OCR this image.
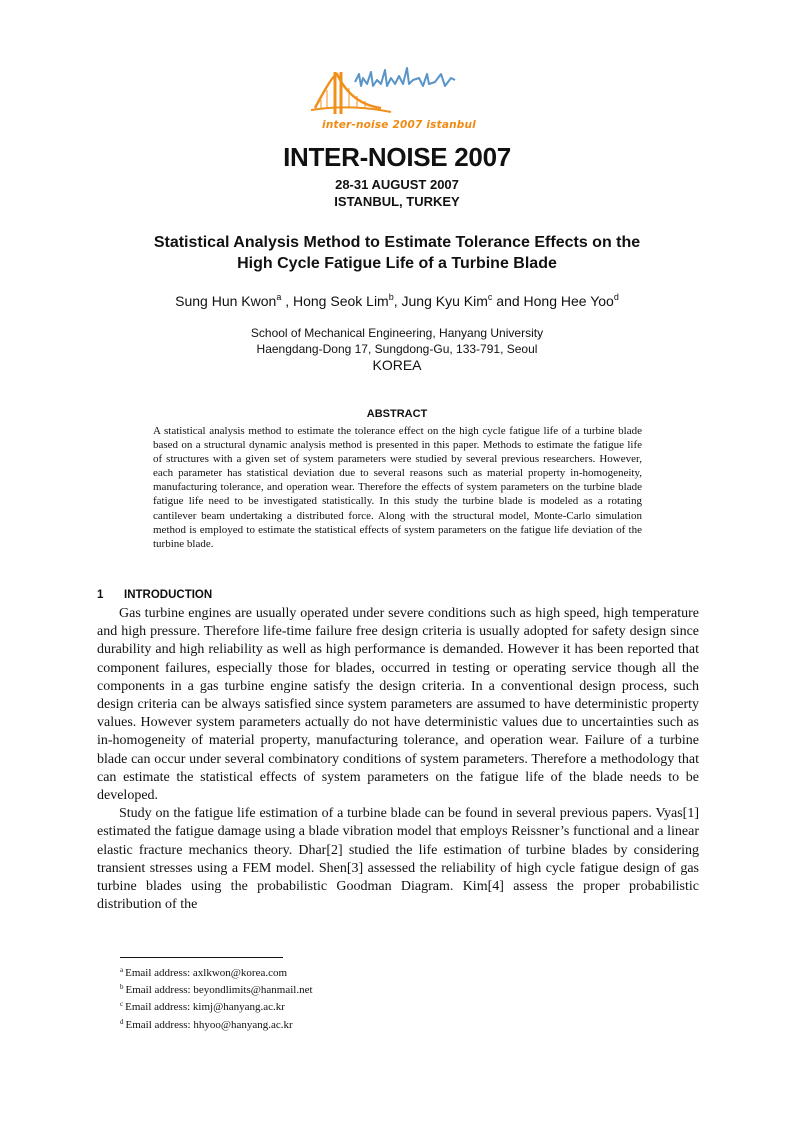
inter-noise 2007 istanbul
INTER-NOISE 2007
28-31 AUGUST 2007
ISTANBUL, TURKEY
Statistical Analysis Method to Estimate Tolerance Effects on the
High Cycle Fatigue Life of a Turbine Blade
Sung Hun Kwon$^a$ , Hong Seok Lim$^b$, Jung Kyu Kim$^c$ and Hong Hee Yoo$^d$
School of Mechanical Engineering, Hanyang University
Haengdang-Dong 17, Sungdong-Gu, 133-791, Seoul
KOREA
ABSTRACT
A statistical analysis method to estimate the tolerance effect on the high cycle fatigue life of a turbine blade based on a structural dynamic analysis method is presented in this paper. Methods to estimate the fatigue life of structures with a given set of system parameters were studied by several previous researchers. However, each parameter has statistical deviation due to several reasons such as material property in-homogeneity, manufacturing tolerance, and operation wear. Therefore the effects of system parameters on the turbine blade fatigue life need to be investigated statistically. In this study the turbine blade is modeled as a rotating cantilever beam undertaking a distributed force. Along with the structural model, Monte-Carlo simulation method is employed to estimate the statistical effects of system parameters on the fatigue life deviation of the turbine blade.
1 INTRODUCTION

Gas turbine engines are usually operated under severe conditions such as high speed, high temperature and high pressure. Therefore life-time failure free design criteria is usually adopted for safety design since durability and high reliability as well as high performance is demanded. However it has been reported that component failures, especially those for blades, occurred in testing or operating service though all the components in a gas turbine engine satisfy the design criteria. In a conventional design process, such design criteria can be always satisfied since system parameters are assumed to have deterministic property values. However system parameters actually do not have deterministic values due to uncertainties such as in-homogeneity of material property, manufacturing tolerance, and operation wear. Failure of a turbine blade can occur under several combinatory conditions of system parameters. Therefore a methodology that can estimate the statistical effects of system parameters on the fatigue life of the blade needs to be developed.

Study on the fatigue life estimation of a turbine blade can be found in several previous papers. Vyas[1] estimated the fatigue damage using a blade vibration model that employs Reissner’s functional and a linear elastic fracture mechanics theory. Dhar[2] studied the life estimation of turbine blades by considering transient stresses using a FEM model. Shen[3] assessed the reliability of high cycle fatigue design of gas turbine blades using the probabilistic Goodman Diagram. Kim[4] assess the proper probabilistic distribution of the

$^a$ Email address: axlkwon@korea.com
$^b$ Email address: beyondlimits@hanmail.net
$^c$ Email address: kimj@hanyang.ac.kr
$^d$ Email address: hhyoo@hanyang.ac.kr
